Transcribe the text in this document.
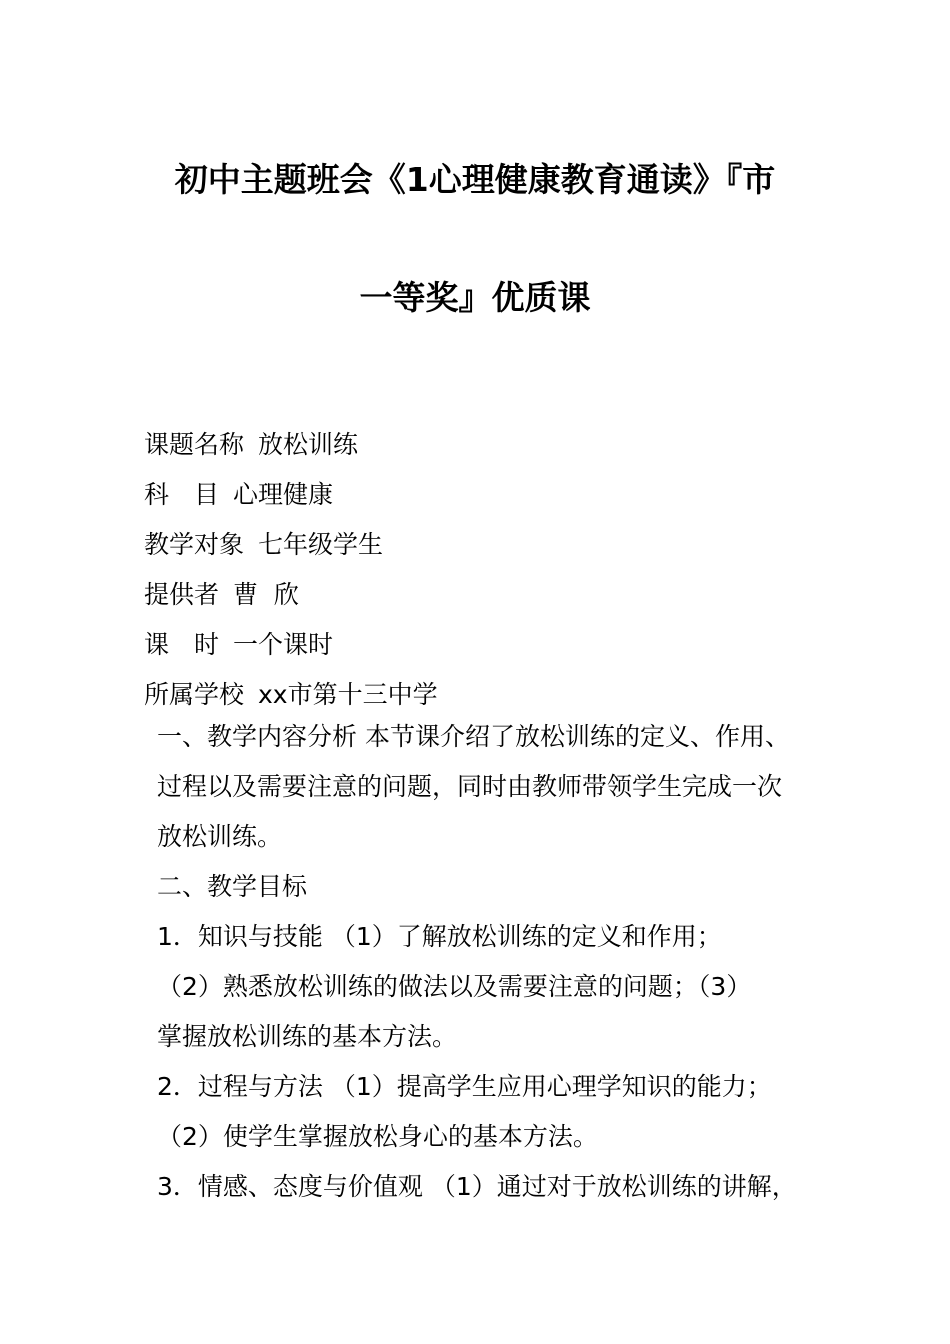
初中主题班会《1心理健康教育通读》『市
一等奖』优质课
课题名称 放松训练
科　目 心理健康
教学对象 七年级学生
提供者 曹  欣
课　时 一个课时
所属学校 xx市第十三中学
一、教学内容分析 本节课介绍了放松训练的定义、作用、
过程以及需要注意的问题，同时由教师带领学生完成一次
放松训练。
二、教学目标
1．知识与技能 （1）了解放松训练的定义和作用；
（2）熟悉放松训练的做法以及需要注意的问题；（3）
掌握放松训练的基本方法。
2．过程与方法 （1）提高学生应用心理学知识的能力；
（2）使学生掌握放松身心的基本方法。
3．情感、态度与价值观 （1）通过对于放松训练的讲解，
